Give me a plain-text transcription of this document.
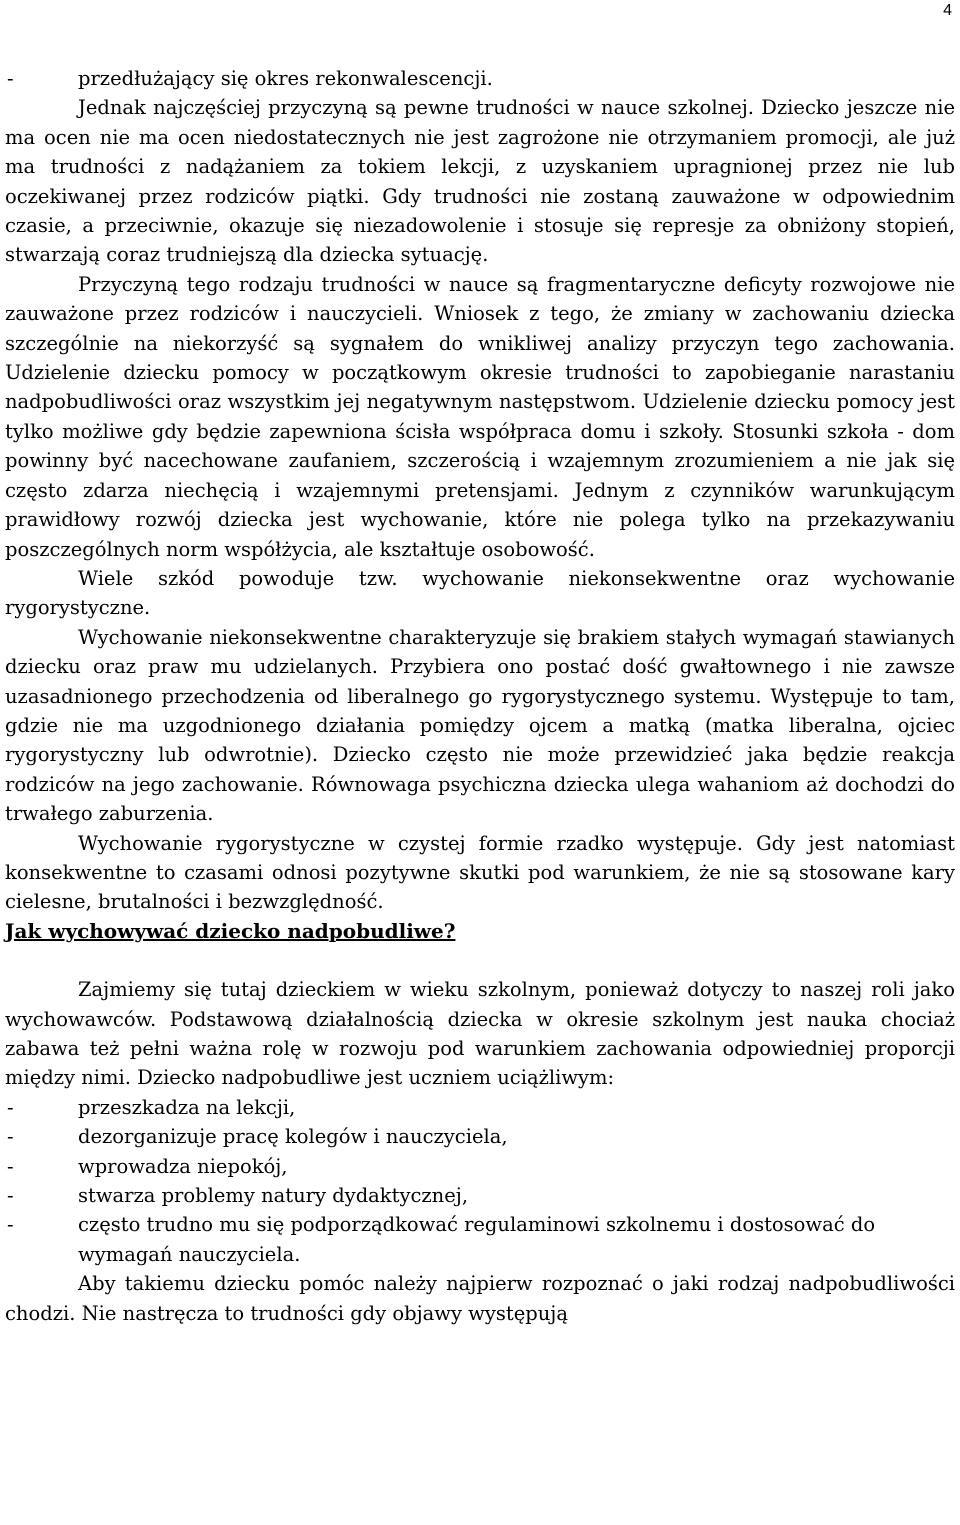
4
-	przedłużający się okres rekonwalescencji.

Jednak najczęściej przyczyną są pewne trudności w nauce szkolnej. Dziecko jeszcze nie ma ocen nie ma ocen niedostatecznych nie jest zagrożone nie otrzymaniem promocji, ale już ma trudności z nadążaniem za tokiem lekcji, z uzyskaniem upragnionej przez nie lub oczekiwanej przez rodziców piątki. Gdy trudności nie zostaną zauważone w odpowiednim czasie, a przeciwnie, okazuje się niezadowolenie i stosuje się represje za obniżony stopień, stwarzają coraz trudniejszą dla dziecka sytuację.

Przyczyną tego rodzaju trudności w nauce są fragmentaryczne deficyty rozwojowe nie zauważone przez rodziców i nauczycieli. Wniosek z tego, że zmiany w zachowaniu dziecka szczególnie na niekorzyść są sygnałem do wnikliwej analizy przyczyn tego zachowania. Udzielenie dziecku pomocy w początkowym okresie trudności to zapobieganie narastaniu nadpobudliwości oraz wszystkim jej negatywnym następstwom. Udzielenie dziecku pomocy jest tylko możliwe gdy będzie zapewniona ścisła współpraca domu i szkoły. Stosunki szkoła - dom powinny być nacechowane zaufaniem, szczerością i wzajemnym zrozumieniem a nie jak się często zdarza niechęcią i wzajemnymi pretensjami. Jednym z czynników warunkującym prawidłowy rozwój dziecka jest wychowanie, które nie polega tylko na przekazywaniu poszczególnych norm współżycia, ale kształtuje osobowość.

Wiele szkód powoduje tzw. wychowanie niekonsekwentne oraz wychowanie rygorystyczne.

Wychowanie niekonsekwentne charakteryzuje się brakiem stałych wymagań stawianych dziecku oraz praw mu udzielanych. Przybiera ono postać dość gwałtownego i nie zawsze uzasadnionego przechodzenia od liberalnego go rygorystycznego systemu. Występuje to tam, gdzie nie ma uzgodnionego działania pomiędzy ojcem a matką (matka liberalna, ojciec rygorystyczny lub odwrotnie). Dziecko często nie może przewidzieć jaka będzie reakcja rodziców na jego zachowanie. Równowaga psychiczna dziecka ulega wahaniom aż dochodzi do trwałego zaburzenia.

Wychowanie rygorystyczne w czystej formie rzadko występuje. Gdy jest natomiast konsekwentne to czasami odnosi pozytywne skutki pod warunkiem, że nie są stosowane kary cielesne, brutalności i bezwzględność.

Jak wychowywać dziecko nadpobudliwe?

Zajmiemy się tutaj dzieckiem w wieku szkolnym, ponieważ dotyczy to naszej roli jako wychowawców. Podstawową działalnością dziecka w okresie szkolnym jest nauka chociaż zabawa też pełni ważna rolę w rozwoju pod warunkiem zachowania odpowiedniej proporcji między nimi. Dziecko nadpobudliwe jest uczniem uciążliwym:

-	przeszkadza na lekcji,
-	dezorganizuje pracę kolegów i nauczyciela,
-	wprowadza niepokój,
-	stwarza problemy natury dydaktycznej,
-	często trudno mu się podporządkować regulaminowi szkolnemu i dostosować do wymagań nauczyciela.

Aby takiemu dziecku pomóc należy najpierw rozpoznać o jaki rodzaj nadpobudliwości chodzi. Nie nastręcza to trudności gdy objawy występują
